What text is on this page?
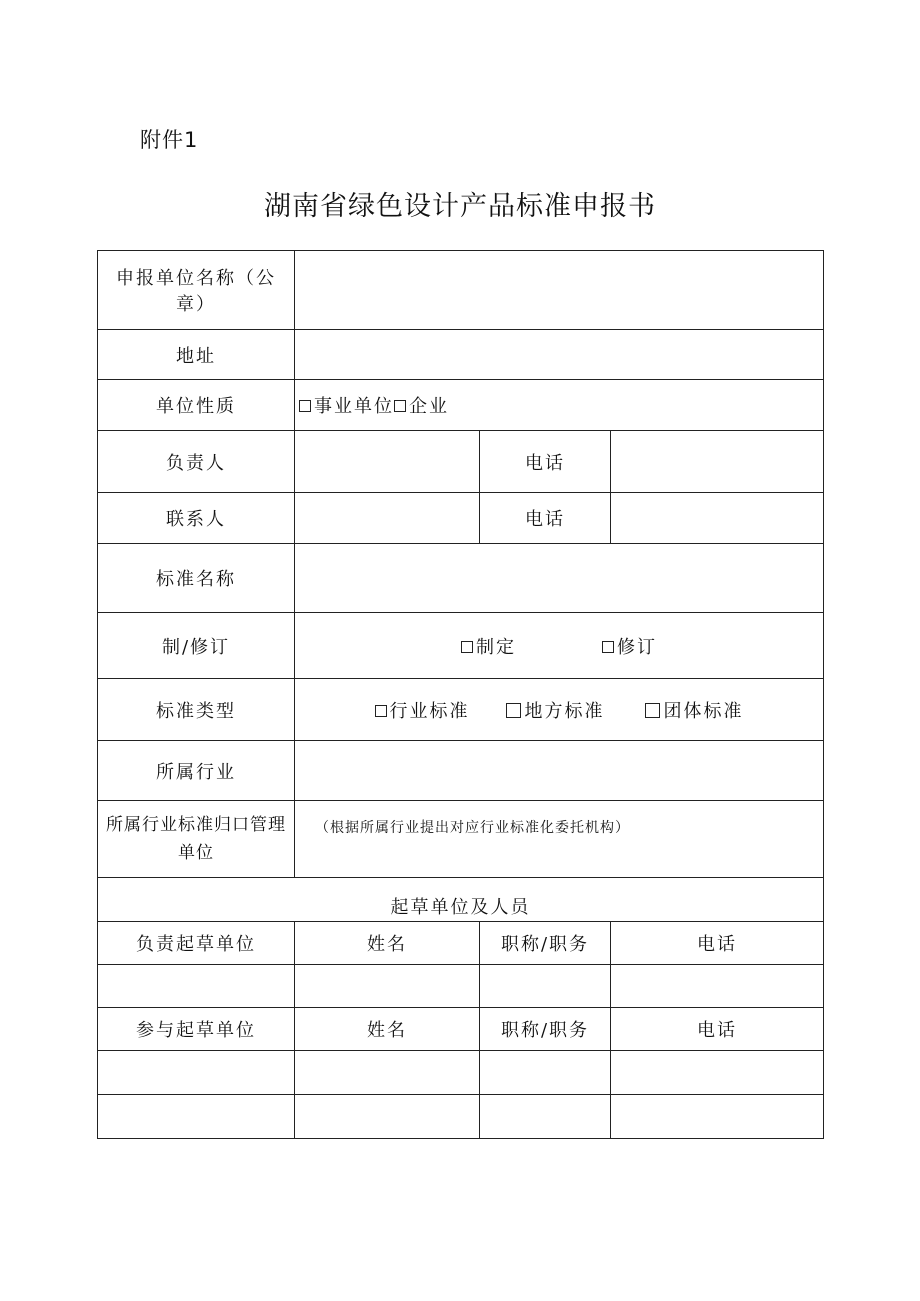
附件1
湖南省绿色设计产品标准申报书
申报单位名称（公章）			
地址			
单位性质	事业单位 企业		
负责人		电话	
联系人		电话	
标准名称			
制/修订	制定 修订		
标准类型	行业标准 地方标准 团体标准		
所属行业			
所属行业标准归口管理单位	（根据所属行业提出对应行业标准化委托机构）		
起草单位及人员			
负责起草单位	姓名	职称/职务	电话

参与起草单位	姓名	职称/职务	电话
